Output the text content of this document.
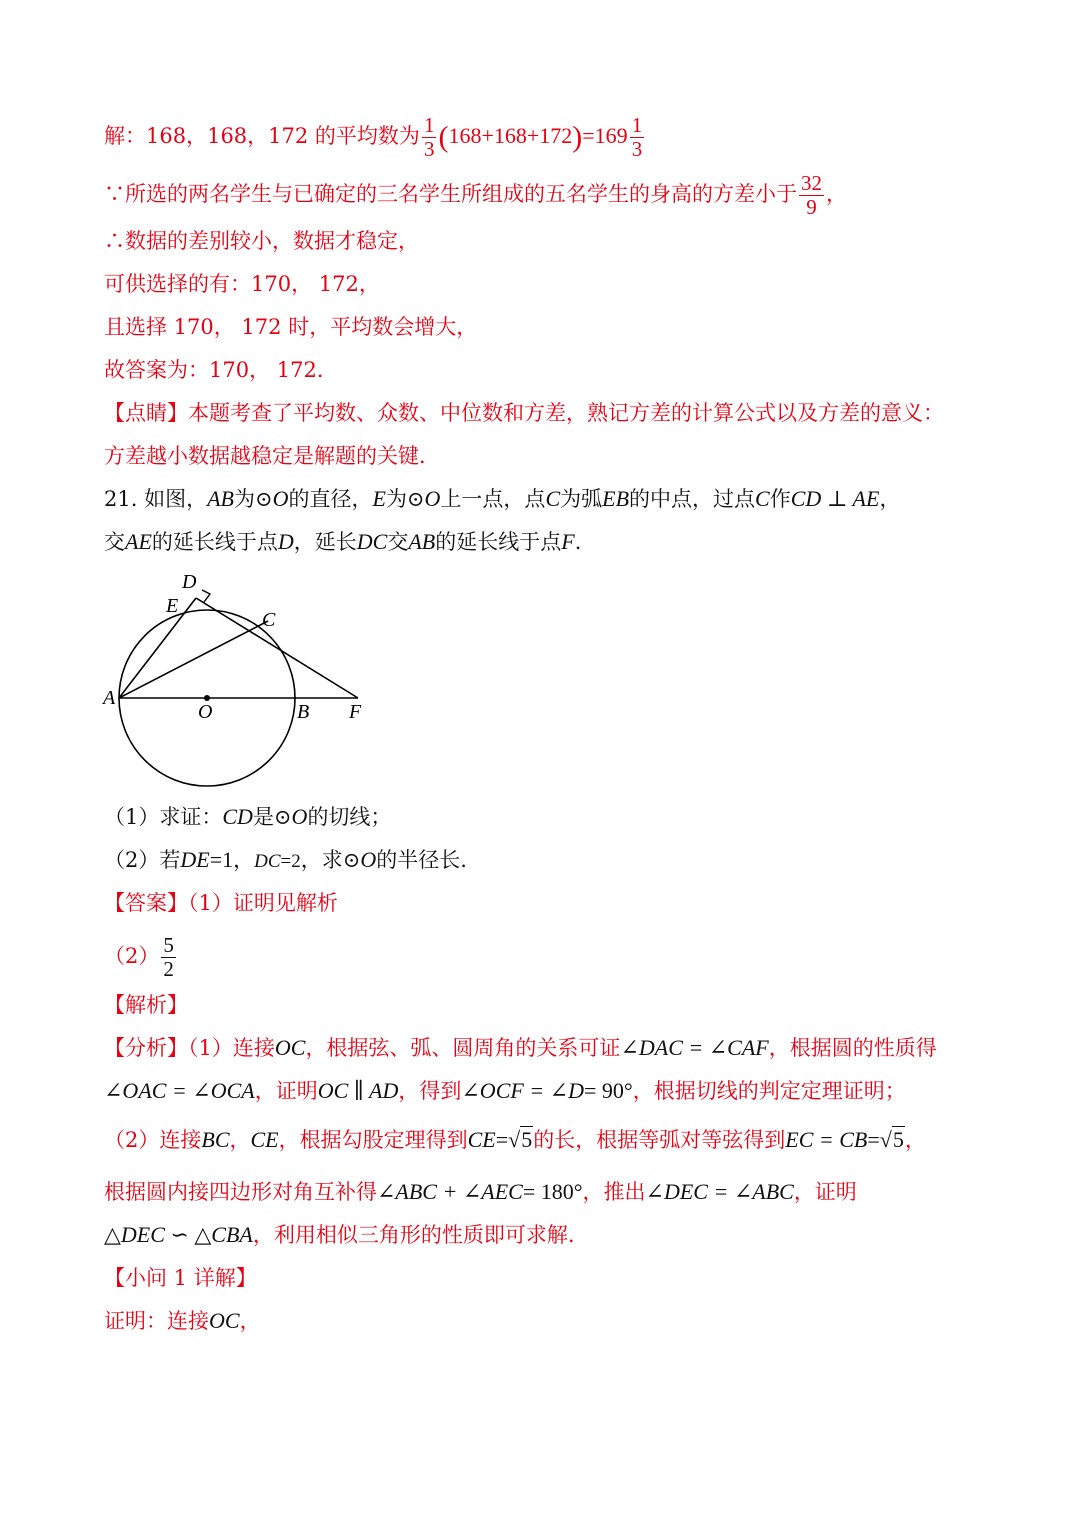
解：168，168，172 的平均数为 $\frac{1}{3} (168+168+172)=169 \frac{1}{3}$
∵所选的两名学生与已确定的三名学生所组成的五名学生的身高的方差小于 $\frac{32}{9}$ ，
∴数据的差别较小，数据才稳定，
可供选择的有：170， 172，
且选择 170， 172 时，平均数会增大，
故答案为：170， 172．
【点睛】本题考查了平均数、众数、中位数和方差，熟记方差的计算公式以及方差的意义：
方差越小数据越稳定是解题的关键．
21. 如图，AB为⊙O的直径，E为⊙O上一点，点C为弧EB的中点，过点C作CD ⊥ AE，
交AE的延长线于点D，延长DC交AB的延长线于点F.
D
E
C
A
O	B F
（1）求证：CD是⊙O的切线；
（2）若DE=1，DC=2，求⊙O的半径长.
【答案】（1）证明见解析
$(2) \frac{5}{2}$
【解析】
【分析】（1）连接OC，根据弦、弧、圆周角的关系可证∠DAC = ∠CAF，根据圆的性质得
∠OAC = ∠OCA，证明OC ∥ AD，得到∠OCF = ∠D= 90°，根据切线的判定定理证明；
（2）连接BC，CE，根据勾股定理得到CE=√5的长，根据等弧对等弦得到EC = CB=√5，
根据圆内接四边形对角互补得∠ABC + ∠AEC= 180°，推出∠DEC = ∠ABC，证明
△DEC ∽ △CBA，利用相似三角形的性质即可求解.
【小问 1 详解】
证明：连接OC，
